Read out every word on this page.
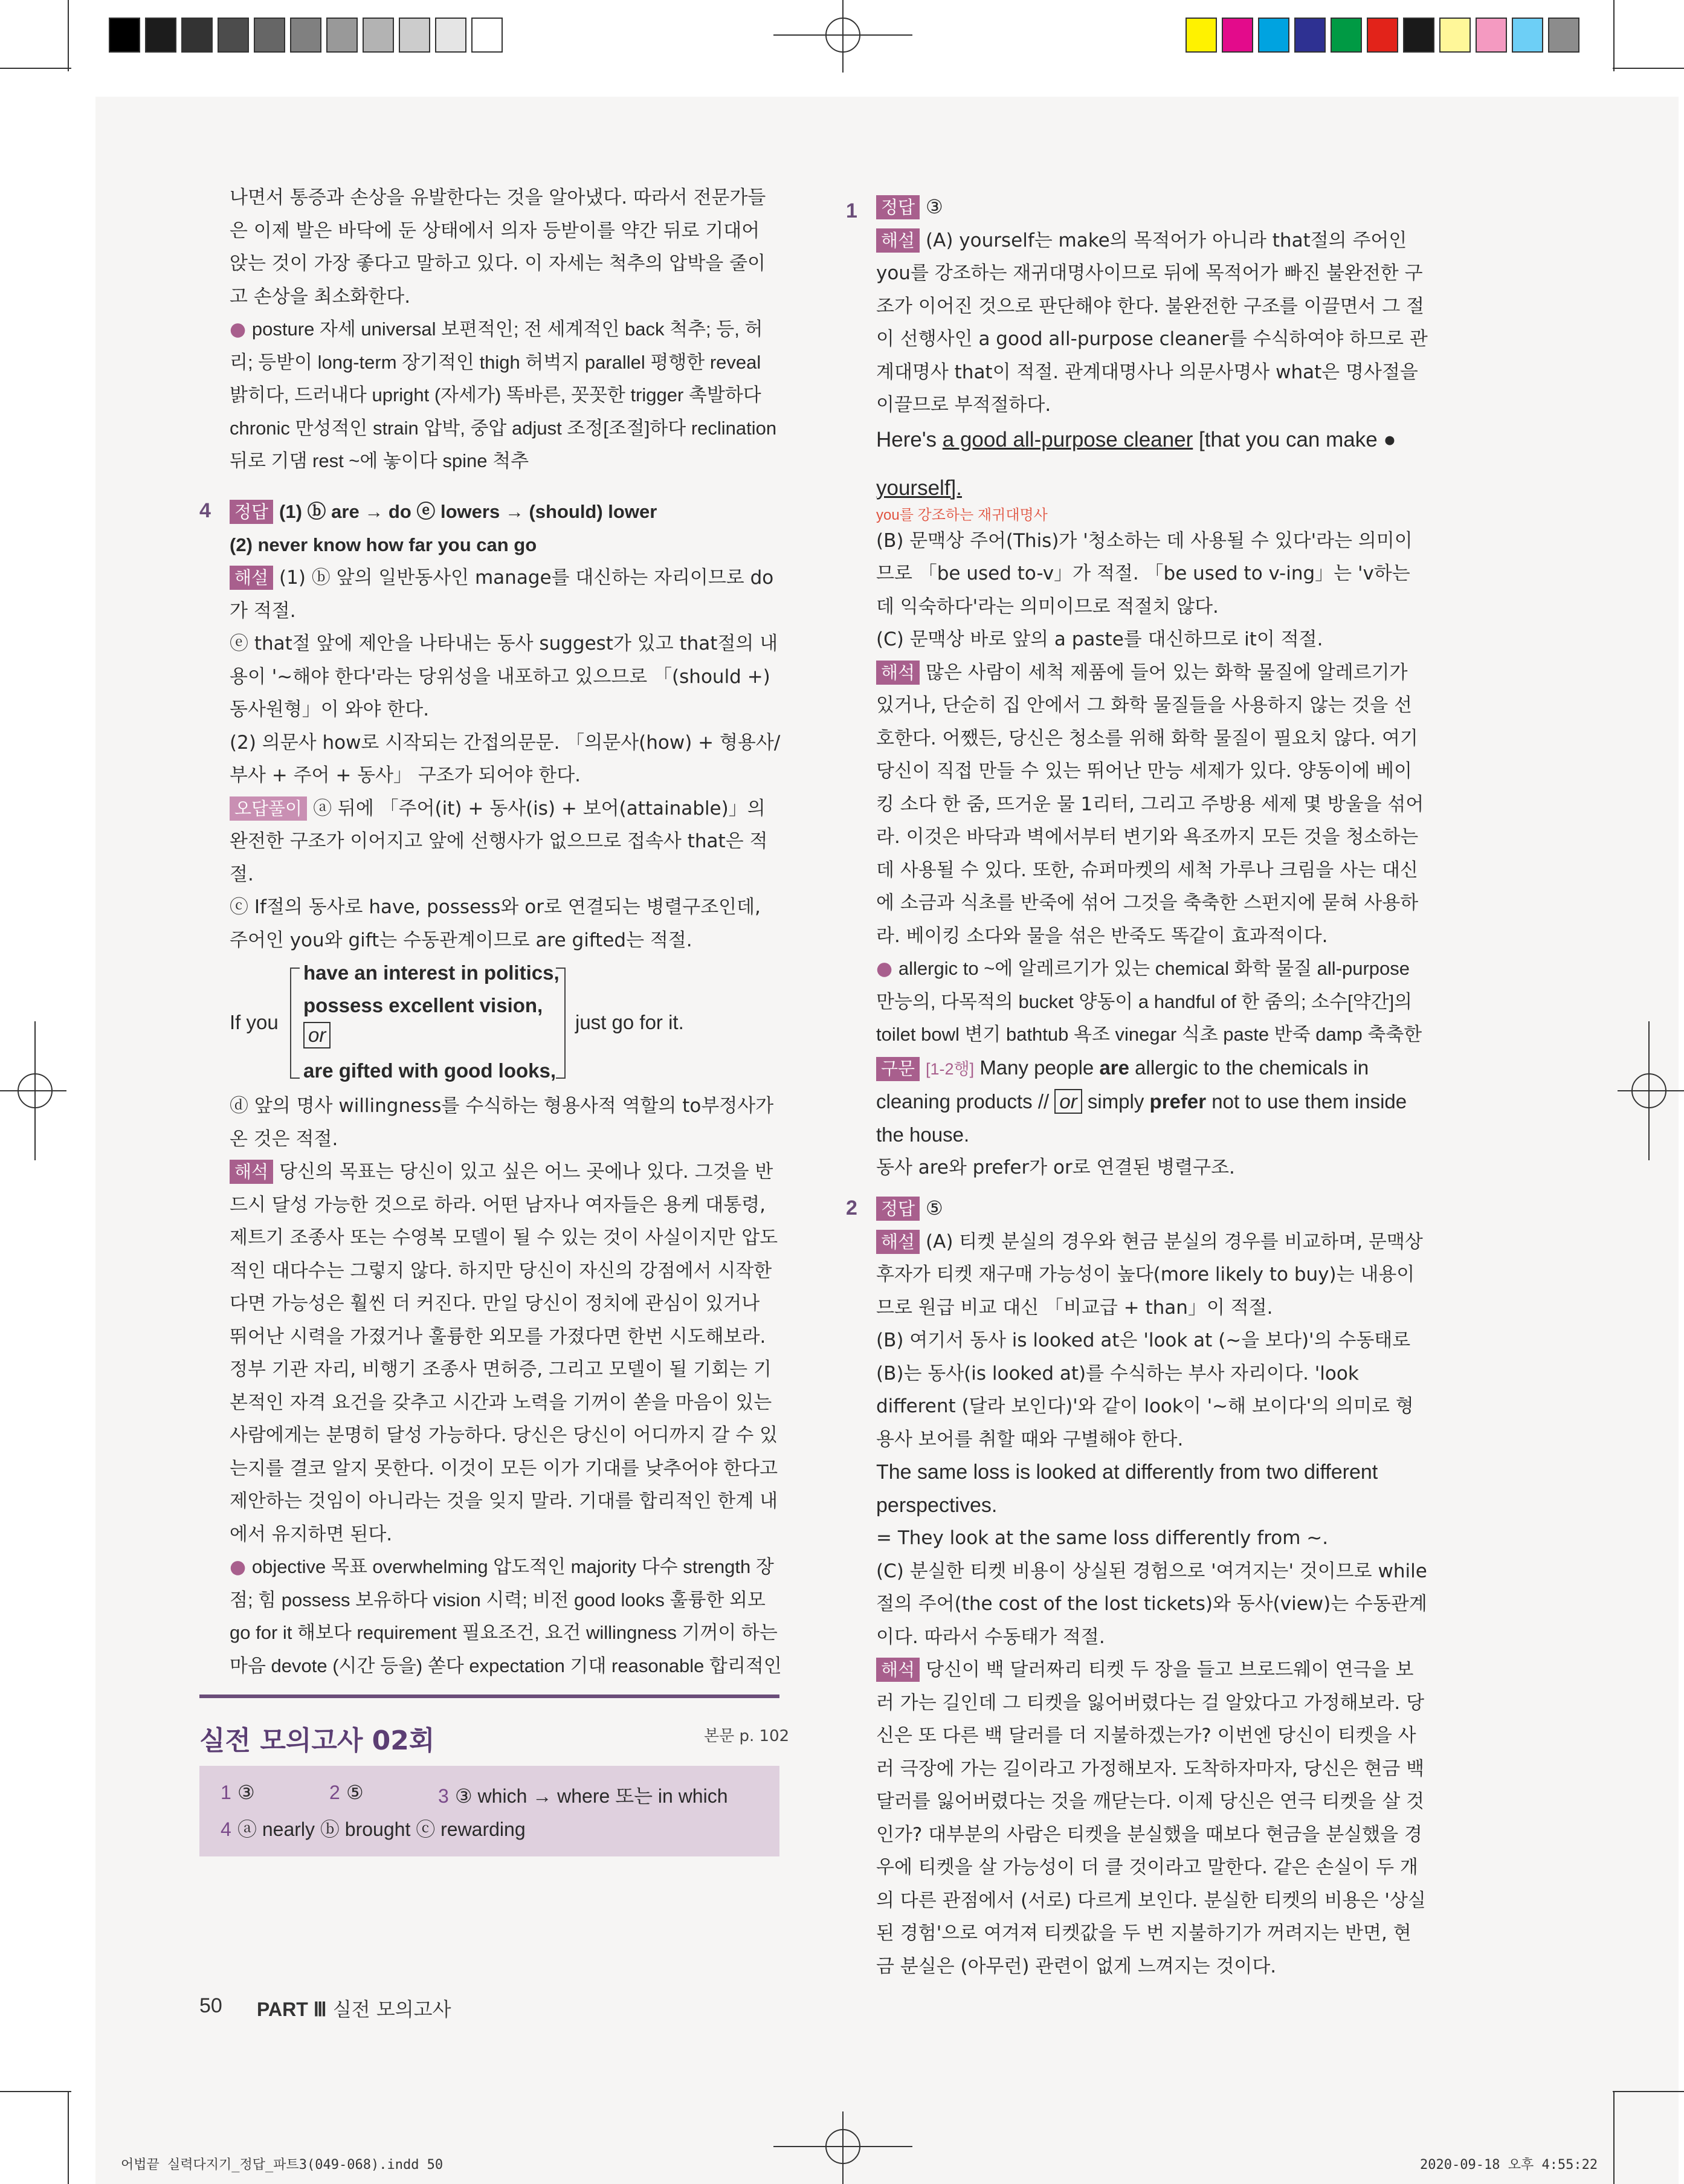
나면서 통증과 손상을 유발한다는 것을 알아냈다. 따라서 전문가들은 이제 발은 바닥에 둔 상태에서 의자 등받이를 약간 뒤로 기대어 앉는 것이 가장 좋다고 말하고 있다. 이 자세는 척추의 압박을 줄이고 손상을 최소화한다.

● posture 자세 universal 보편적인; 전 세계적인 back 척추; 등, 허리; 등받이 long-term 장기적인 thigh 허벅지 parallel 평행한 reveal 밝히다, 드러내다 upright (자세가) 똑바른, 꼿꼿한 trigger 촉발하다 chronic 만성적인 strain 압박, 중압 adjust 조정[조절]하다 reclination 뒤로 기댐 rest ~에 놓이다 spine 척추

4 정답 (1) ⓑ are → do ⓔ lowers → (should) lower

(2) never know how far you can go

해설 (1) ⓑ 앞의 일반동사인 manage를 대신하는 자리이므로 do가 적절.

ⓔ that절 앞에 제안을 나타내는 동사 suggest가 있고 that절의 내용이 '~해야 한다'라는 당위성을 내포하고 있으므로 「(should +) 동사원형」이 와야 한다.

(2) 의문사 how로 시작되는 간접의문문. 「의문사(how) + 형용사/부사 + 주어 + 동사」 구조가 되어야 한다.

오답풀이 ⓐ 뒤에 「주어(it) + 동사(is) + 보어(attainable)」의 완전한 구조가 이어지고 앞에 선행사가 없으므로 접속사 that은 적절.

ⓒ If절의 동사로 have, possess와 or로 연결되는 병렬구조인데, 주어인 you와 gift는 수동관계이므로 are gifted는 적절.

If you
have an interest in politics,
possess excellent vision,
or
are gifted with good looks,
just go for it.

ⓓ 앞의 명사 willingness를 수식하는 형용사적 역할의 to부정사가 온 것은 적절.

해석 당신의 목표는 당신이 있고 싶은 어느 곳에나 있다. 그것을 반드시 달성 가능한 것으로 하라. 어떤 남자나 여자들은 용케 대통령, 제트기 조종사 또는 수영복 모델이 될 수 있는 것이 사실이지만 압도적인 대다수는 그렇지 않다. 하지만 당신이 자신의 강점에서 시작한다면 가능성은 훨씬 더 커진다. 만일 당신이 정치에 관심이 있거나 뛰어난 시력을 가졌거나 훌륭한 외모를 가졌다면 한번 시도해보라. 정부 기관 자리, 비행기 조종사 면허증, 그리고 모델이 될 기회는 기본적인 자격 요건을 갖추고 시간과 노력을 기꺼이 쏟을 마음이 있는 사람에게는 분명히 달성 가능하다. 당신은 당신이 어디까지 갈 수 있는지를 결코 알지 못한다. 이것이 모든 이가 기대를 낮추어야 한다고 제안하는 것임이 아니라는 것을 잊지 말라. 기대를 합리적인 한계 내에서 유지하면 된다.

● objective 목표 overwhelming 압도적인 majority 다수 strength 장점; 힘 possess 보유하다 vision 시력; 비전 good looks 훌륭한 외모 go for it 해보다 requirement 필요조건, 요건 willingness 기꺼이 하는 마음 devote (시간 등을) 쏟다 expectation 기대 reasonable 합리적인

실전 모의고사 02회	본문 p. 102
1 ③	2 ⑤	3 ③ which → where 또는 in which
4 ⓐ nearly ⓑ brought ⓒ rewarding
50 PART Ⅲ 실전 모의고사
어법끝 실력다지기_정답_파트3(049-068).indd 50	2020-09-18 오후 4:55:22
1 정답 ③

해설 (A) yourself는 make의 목적어가 아니라 that절의 주어인 you를 강조하는 재귀대명사이므로 뒤에 목적어가 빠진 불완전한 구조가 이어진 것으로 판단해야 한다. 불완전한 구조를 이끌면서 그 절이 선행사인 a good all-purpose cleaner를 수식하여야 하므로 관계대명사 that이 적절. 관계대명사나 의문사명사 what은 명사절을 이끌므로 부적절하다.

Here's a good all-purpose cleaner [that you can make ●

yourself].
you를 강조하는 재귀대명사

(B) 문맥상 주어(This)가 '청소하는 데 사용될 수 있다'라는 의미이므로 「be used to-v」가 적절. 「be used to v-ing」는 'v하는 데 익숙하다'라는 의미이므로 적절치 않다.

(C) 문맥상 바로 앞의 a paste를 대신하므로 it이 적절.

해석 많은 사람이 세척 제품에 들어 있는 화학 물질에 알레르기가 있거나, 단순히 집 안에서 그 화학 물질들을 사용하지 않는 것을 선호한다. 어쨌든, 당신은 청소를 위해 화학 물질이 필요치 않다. 여기 당신이 직접 만들 수 있는 뛰어난 만능 세제가 있다. 양동이에 베이킹 소다 한 줌, 뜨거운 물 1리터, 그리고 주방용 세제 몇 방울을 섞어라. 이것은 바닥과 벽에서부터 변기와 욕조까지 모든 것을 청소하는 데 사용될 수 있다. 또한, 슈퍼마켓의 세척 가루나 크림을 사는 대신에 소금과 식초를 반죽에 섞어 그것을 축축한 스펀지에 묻혀 사용하라. 베이킹 소다와 물을 섞은 반죽도 똑같이 효과적이다.

● allergic to ~에 알레르기가 있는 chemical 화학 물질 all-purpose 만능의, 다목적의 bucket 양동이 a handful of 한 줌의; 소수[약간]의 toilet bowl 변기 bathtub 욕조 vinegar 식초 paste 반죽 damp 축축한

구문 [1-2행] Many people are allergic to the chemicals in cleaning products // or simply prefer not to use them inside the house.

동사 are와 prefer가 or로 연결된 병렬구조.

2 정답 ⑤

해설 (A) 티켓 분실의 경우와 현금 분실의 경우를 비교하며, 문맥상 후자가 티켓 재구매 가능성이 높다(more likely to buy)는 내용이므로 원급 비교 대신 「비교급 + than」이 적절.

(B) 여기서 동사 is looked at은 'look at (~을 보다)'의 수동태로 (B)는 동사(is looked at)를 수식하는 부사 자리이다. 'look different (달라 보인다)'와 같이 look이 '~해 보이다'의 의미로 형용사 보어를 취할 때와 구별해야 한다.

The same loss is looked at differently from two different perspectives.

= They look at the same loss differently from ~.

(C) 분실한 티켓 비용이 상실된 경험으로 '여겨지는' 것이므로 while절의 주어(the cost of the lost tickets)와 동사(view)는 수동관계이다. 따라서 수동태가 적절.

해석 당신이 백 달러짜리 티켓 두 장을 들고 브로드웨이 연극을 보러 가는 길인데 그 티켓을 잃어버렸다는 걸 알았다고 가정해보라. 당신은 또 다른 백 달러를 더 지불하겠는가? 이번엔 당신이 티켓을 사러 극장에 가는 길이라고 가정해보자. 도착하자마자, 당신은 현금 백 달러를 잃어버렸다는 것을 깨닫는다. 이제 당신은 연극 티켓을 살 것인가? 대부분의 사람은 티켓을 분실했을 때보다 현금을 분실했을 경우에 티켓을 살 가능성이 더 클 것이라고 말한다. 같은 손실이 두 개의 다른 관점에서 (서로) 다르게 보인다. 분실한 티켓의 비용은 '상실된 경험'으로 여겨져 티켓값을 두 번 지불하기가 꺼려지는 반면, 현금 분실은 (아무런) 관련이 없게 느껴지는 것이다.
